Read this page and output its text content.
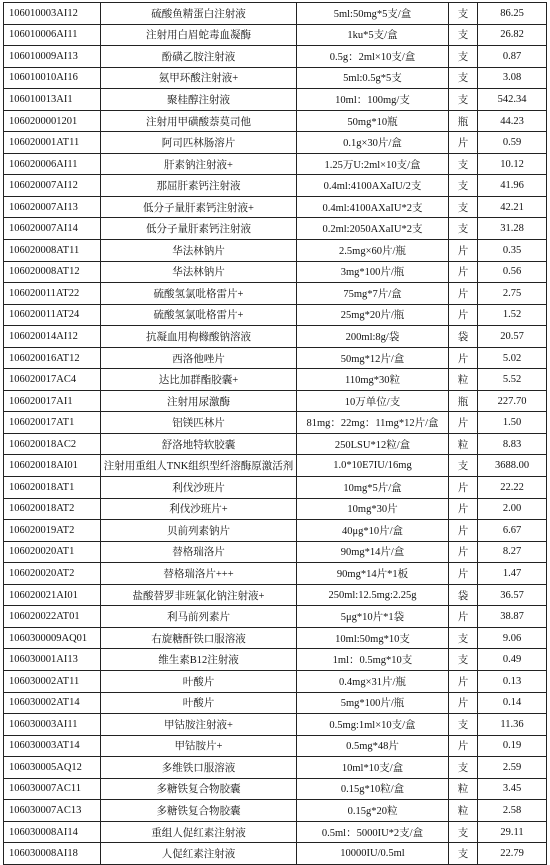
106010003AI12	硫酸鱼精蛋白注射液	5ml:50mg*5支/盒	支	86.25
106010006AI11	注射用白眉蛇毒血凝酶	1ku*5支/盒	支	26.82
106010009AI13	酚磺乙胺注射液	0.5g：2ml×10支/盒	支	0.87
106010010AI16	氨甲环酸注射液+	5ml:0.5g*5支	支	3.08
106010013AI1	聚桂醇注射液	10ml：100mg/支	支	542.34
1060200001201	注射用甲磺酸萘莫司他	50mg*10瓶	瓶	44.23
106020001AT11	阿司匹林肠溶片	0.1g×30片/盒	片	0.59
106020006AI11	肝素钠注射液+	1.25万U:2ml×10支/盒	支	10.12
106020007AI12	那屈肝素钙注射液	0.4ml:4100AXaIU/2支	支	41.96
106020007AI13	低分子量肝素钙注射液+	0.4ml:4100AXaIU*2支	支	42.21
106020007AI14	低分子量肝素钙注射液	0.2ml:2050AXaIU*2支	支	31.28
106020008AT11	华法林钠片	2.5mg×60片/瓶	片	0.35
106020008AT12	华法林钠片	3mg*100片/瓶	片	0.56
106020011AT22	硫酸氢氯吡格雷片+	75mg*7片/盒	片	2.75
106020011AT24	硫酸氢氯吡格雷片+	25mg*20片/瓶	片	1.52
106020014AI12	抗凝血用枸橼酸钠溶液	200ml:8g/袋	袋	20.57
106020016AT12	西洛他唑片	50mg*12片/盒	片	5.02
106020017AC4	达比加群酯胶囊+	110mg*30粒	粒	5.52
106020017AI1	注射用尿激酶	10万单位/支	瓶	227.70
106020017AT1	铝镁匹林片	81mg：22mg：11mg*12片/盒	片	1.50
106020018AC2	舒洛地特软胶囊	250LSU*12粒/盒	粒	8.83
106020018AI01	注射用重组人TNK组织型纤溶酶原激活剂	1.0*10E7IU/16mg	支	3688.00
106020018AT1	利伐沙班片	10mg*5片/盒	片	22.22
106020018AT2	利伐沙班片+	10mg*30片	片	2.00
106020019AT2	贝前列素钠片	40μg*10片/盒	片	6.67
106020020AT1	替格瑞洛片	90mg*14片/盒	片	8.27
106020020AT2	替格瑞洛片+++	90mg*14片*1板	片	1.47
106020021AI01	盐酸替罗非班氯化钠注射液+	250ml:12.5mg:2.25g	袋	36.57
106020022AT01	利马前列素片	5μg*10片*1袋	片	38.87
1060300009AQ01	右旋糖酐铁口服溶液	10ml:50mg*10支	支	9.06
106030001AI13	维生素B12注射液	1ml：0.5mg*10支	支	0.49
106030002AT11	叶酸片	0.4mg×31片/瓶	片	0.13
106030002AT14	叶酸片	5mg*100片/瓶	片	0.14
106030003AI11	甲钴胺注射液+	0.5mg:1ml×10支/盒	支	11.36
106030003AT14	甲钴胺片+	0.5mg*48片	片	0.19
106030005AQ12	多维铁口服溶液	10ml*10支/盒	支	2.59
106030007AC11	多糖铁复合物胶囊	0.15g*10粒/盒	粒	3.45
106030007AC13	多糖铁复合物胶囊	0.15g*20粒	粒	2.58
106030008AI14	重组人促红素注射液	0.5ml：5000IU*2支/盒	支	29.11
106030008AI18	人促红素注射液	10000IU/0.5ml	支	22.79
